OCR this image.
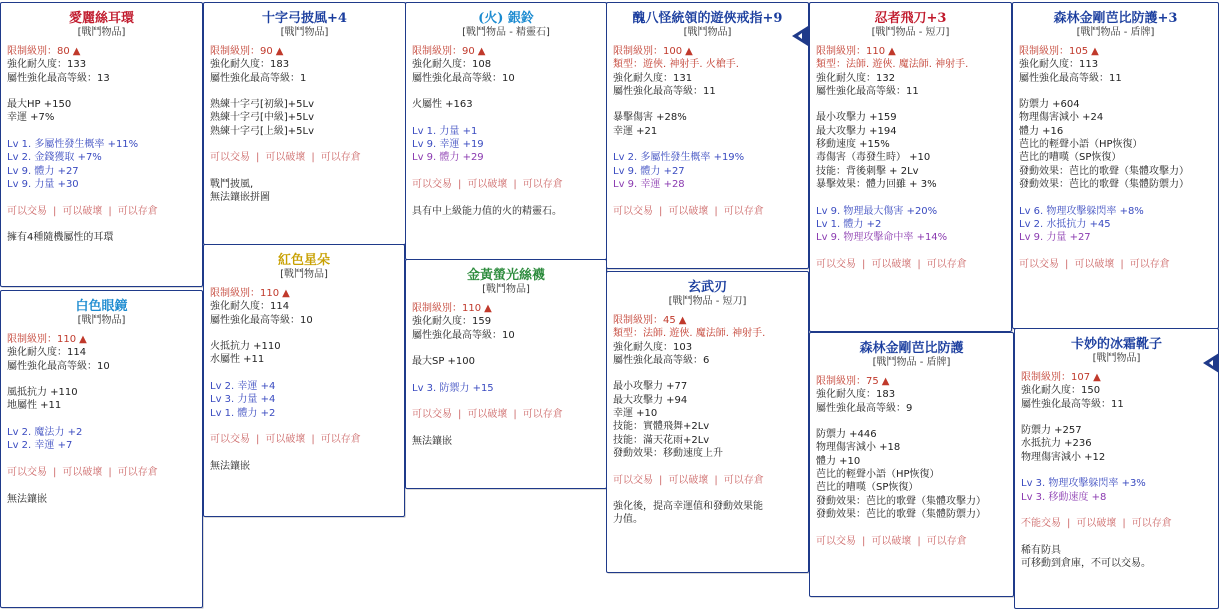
愛麗絲耳環
[戰鬥物品]
限制級別：80 ▲
強化耐久度：133
屬性強化最高等級：13
最大HP +150
幸運 +7%
Lv 1. 多屬性發生概率 +11%
Lv 2. 金錢獲取 +7%
Lv 9. 體力 +27
Lv 9. 力量 +30
可以交易 | 可以破壞 | 可以存倉
擁有4種隨機屬性的耳環
白色眼鏡
[戰鬥物品]
限制級別：110 ▲
強化耐久度：114
屬性強化最高等級：10
風抵抗力 +110
地屬性 +11
Lv 2. 魔法力 +2
Lv 2. 幸運 +7
可以交易 | 可以破壞 | 可以存倉
無法鑲嵌
十字弓披風+4
[戰鬥物品]
限制級別：90 ▲
強化耐久度：183
屬性強化最高等級：1
熟練十字弓[初級]+5Lv
熟練十字弓[中級]+5Lv
熟練十字弓[上級]+5Lv
可以交易 | 可以破壞 | 可以存倉
戰鬥披風,
無法鑲嵌拼圖
紅色星朵
[戰鬥物品]
限制級別：110 ▲
強化耐久度：114
屬性強化最高等級：10
火抵抗力 +110
水屬性 +11
Lv 2. 幸運 +4
Lv 3. 力量 +4
Lv 1. 體力 +2
可以交易 | 可以破壞 | 可以存倉
無法鑲嵌
(火) 銀鈴
[戰鬥物品 - 精靈石]
限制級別：90 ▲
強化耐久度：108
屬性強化最高等級：10
火屬性 +163
Lv 1. 力量 +1
Lv 9. 幸運 +19
Lv 9. 體力 +29
可以交易 | 可以破壞 | 可以存倉
具有中上級能力值的火的精靈石。
金黃螢光絲襪
[戰鬥物品]
限制級別：110 ▲
強化耐久度：159
屬性強化最高等級：10
最大SP +100
Lv 3. 防禦力 +15
可以交易 | 可以破壞 | 可以存倉
無法鑲嵌
醜八怪統領的遊俠戒指+9
[戰鬥物品]
限制級別：100 ▲
類型：遊俠. 神射手. 火槍手.
強化耐久度：131
屬性強化最高等級：11
暴擊傷害 +28%
幸運 +21
Lv 2. 多屬性發生概率 +19%
Lv 9. 體力 +27
Lv 9. 幸運 +28
可以交易 | 可以破壞 | 可以存倉
玄武刃
[戰鬥物品 - 短刀]
限制級別：45 ▲
類型：法師. 遊俠. 魔法師. 神射手.
強化耐久度：103
屬性強化最高等級：6
最小攻擊力 +77
最大攻擊力 +94
幸運 +10
技能：實體飛舞+2Lv
技能：滿天花雨+2Lv
發動效果：移動速度上升
可以交易 | 可以破壞 | 可以存倉
強化後，提高幸運值和發動效果能
力值。
忍者飛刀+3
[戰鬥物品 - 短刀]
限制級別：110 ▲
類型：法師. 遊俠. 魔法師. 神射手.
強化耐久度：132
屬性強化最高等級：11
最小攻擊力 +159
最大攻擊力 +194
移動速度 +15%
毒傷害（毒發生時） +10
技能：背後刺擊 + 2Lv
暴擊效果：體力回雖 + 3%
Lv 9. 物理最大傷害 +20%
Lv 1. 體力 +2
Lv 9. 物理攻擊命中率 +14%
可以交易 | 可以破壞 | 可以存倉
森林金剛芭比防護
[戰鬥物品 - 盾牌]
限制級別：75 ▲
強化耐久度：183
屬性強化最高等級：9
防禦力 +446
物理傷害減小 +18
體力 +10
芭比的輕聲小語（HP恢復）
芭比的嘈嘆（SP恢復）
發動效果：芭比的歌聲（集體攻擊力）
發動效果：芭比的歌聲（集體防禦力）
可以交易 | 可以破壞 | 可以存倉
森林金剛芭比防護+3
[戰鬥物品 - 盾牌]
限制級別：105 ▲
強化耐久度：113
屬性強化最高等級：11
防禦力 +604
物理傷害減小 +24
體力 +16
芭比的輕聲小語（HP恢復）
芭比的嘈嘆（SP恢復）
發動效果：芭比的歌聲（集體攻擊力）
發動效果：芭比的歌聲（集體防禦力）
Lv 6. 物理攻擊躲閃率 +8%
Lv 2. 水抵抗力 +45
Lv 9. 力量 +27
可以交易 | 可以破壞 | 可以存倉
卡妙的冰霜靴子
[戰鬥物品]
限制級別：107 ▲
強化耐久度：150
屬性強化最高等級：11
防禦力 +257
水抵抗力 +236
物理傷害減小 +12
Lv 3. 物理攻擊躲閃率 +3%
Lv 3. 移動速度 +8
不能交易 | 可以破壞 | 可以存倉
稀有防具
可移動到倉庫，不可以交易。
